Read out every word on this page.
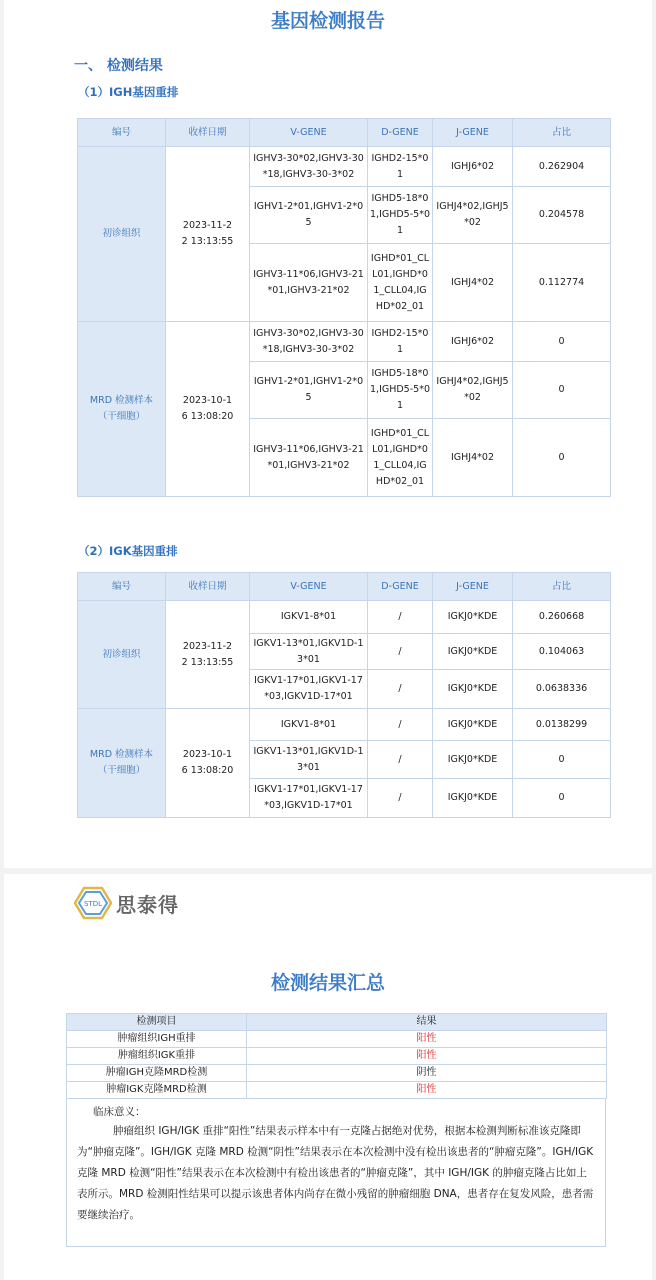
基因检测报告
一、 检测结果
（1）IGH基因重排
编号	收样日期	V-GENE	D-GENE	J-GENE	占比
初诊组织	2023-11-22 13:13:55	IGHV3-30*02,IGHV3-30*18,IGHV3-30-3*02	IGHD2-15*01	IGHJ6*02	0.262904
		IGHV1-2*01,IGHV1-2*05	IGHD5-18*01,IGHD5-5*01	IGHJ4*02,IGHJ5*02	0.204578
		IGHV3-11*06,IGHV3-21*01,IGHV3-21*02	IGHD*01_CLL01,IGHD*01_CLL04,IGHD*02_01	IGHJ4*02	0.112774
MRD 检测样本（干细胞）	2023-10-16 13:08:20	IGHV3-30*02,IGHV3-30*18,IGHV3-30-3*02	IGHD2-15*01	IGHJ6*02	0
		IGHV1-2*01,IGHV1-2*05	IGHD5-18*01,IGHD5-5*01	IGHJ4*02,IGHJ5*02	0
		IGHV3-11*06,IGHV3-21*01,IGHV3-21*02	IGHD*01_CLL01,IGHD*01_CLL04,IGHD*02_01	IGHJ4*02	0
（2）IGK基因重排
编号	收样日期	V-GENE	D-GENE	J-GENE	占比
初诊组织	2023-11-22 13:13:55	IGKV1-8*01	/	IGKJ0*KDE	0.260668
		IGKV1-13*01,IGKV1D-13*01	/	IGKJ0*KDE	0.104063
		IGKV1-17*01,IGKV1-17*03,IGKV1D-17*01	/	IGKJ0*KDE	0.0638336
MRD 检测样本（干细胞）	2023-10-16 13:08:20	IGKV1-8*01	/	IGKJ0*KDE	0.0138299
		IGKV1-13*01,IGKV1D-13*01	/	IGKJ0*KDE	0
		IGKV1-17*01,IGKV1-17*03,IGKV1D-17*01	/	IGKJ0*KDE	0
STDL 思泰得
检测结果汇总
检测项目	结果
肿瘤组织IGH重排	阳性
肿瘤组织IGK重排	阳性
肿瘤IGH克隆MRD检测	阴性
肿瘤IGK克隆MRD检测	阳性
临床意义：
肿瘤组织 IGH/IGK 重排“阳性”结果表示样本中有一克隆占据绝对优势，根据本检测判断标准该克隆即为“肿瘤克隆”。IGH/IGK 克隆 MRD 检测“阴性”结果表示在本次检测中没有检出该患者的“肿瘤克隆”。IGH/IGK 克隆 MRD 检测“阳性”结果表示在本次检测中有检出该患者的“肿瘤克隆”，其中 IGH/IGK 的肿瘤克隆占比如上表所示。MRD 检测阳性结果可以提示该患者体内尚存在微小残留的肿瘤细胞 DNA，患者存在复发风险，患者需要继续治疗。
